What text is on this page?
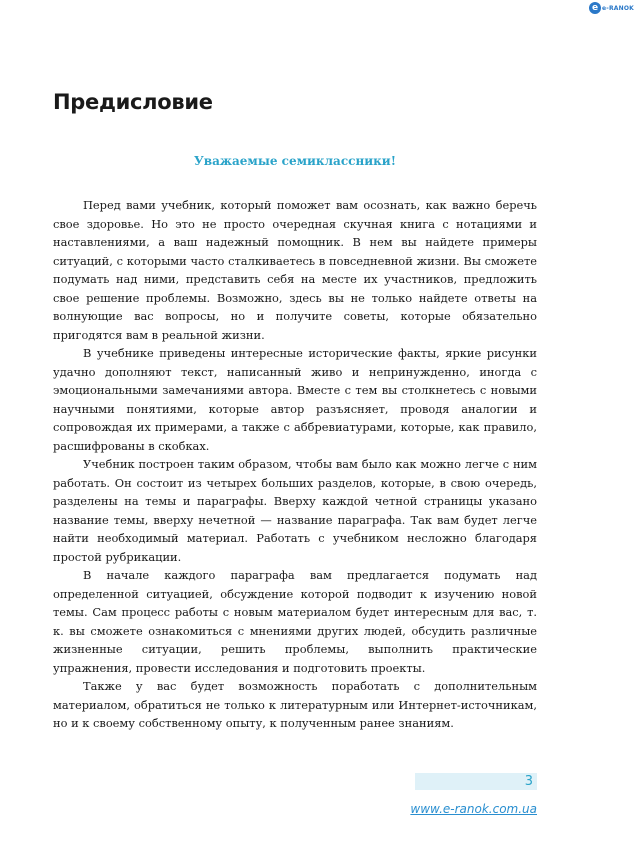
e e-RANOK
Предисловие

Уважаемые семиклассники!

Перед вами учебник, который поможет вам осознать, как важно беречь свое здоровье. Но это не просто очередная скучная книга с нотациями и наставлениями, а ваш надежный помощник. В нем вы найдете примеры ситуаций, с которыми часто сталкиваетесь в повседневной жизни. Вы сможете подумать над ними, представить себя на месте их участников, предложить свое решение проблемы. Возможно, здесь вы не только найдете ответы на волнующие вас вопросы, но и получите советы, которые обязательно пригодятся вам в реальной жизни.

В учебнике приведены интересные исторические факты, яркие рисунки удачно дополняют текст, написанный живо и непринужденно, иногда с эмоциональными замечаниями автора. Вместе с тем вы столкнетесь с новыми научными понятиями, которые автор разъясняет, проводя аналогии и сопровождая их примерами, а также с аббревиатурами, которые, как правило, расшифрованы в скобках.

Учебник построен таким образом, чтобы вам было как можно легче с ним работать. Он состоит из четырех больших разделов, которые, в свою очередь, разделены на темы и параграфы. Вверху каждой четной страницы указано название темы, вверху нечетной — название параграфа. Так вам будет легче найти необходимый материал. Работать с учебником несложно благодаря простой рубрикации.

В начале каждого параграфа вам предлагается подумать над определенной ситуацией, обсуждение которой подводит к изучению новой темы. Сам процесс работы с новым материалом будет интересным для вас, т. к. вы сможете ознакомиться с мнениями других людей, обсудить различные жизненные ситуации, решить проблемы, выполнить практические упражнения, провести исследования и подготовить проекты.

Также у вас будет возможность поработать с дополнительным материалом, обратиться не только к литературным или Интернет-источникам, но и к своему собственному опыту, к полученным ранее знаниям.

3
www.e-ranok.com.ua
